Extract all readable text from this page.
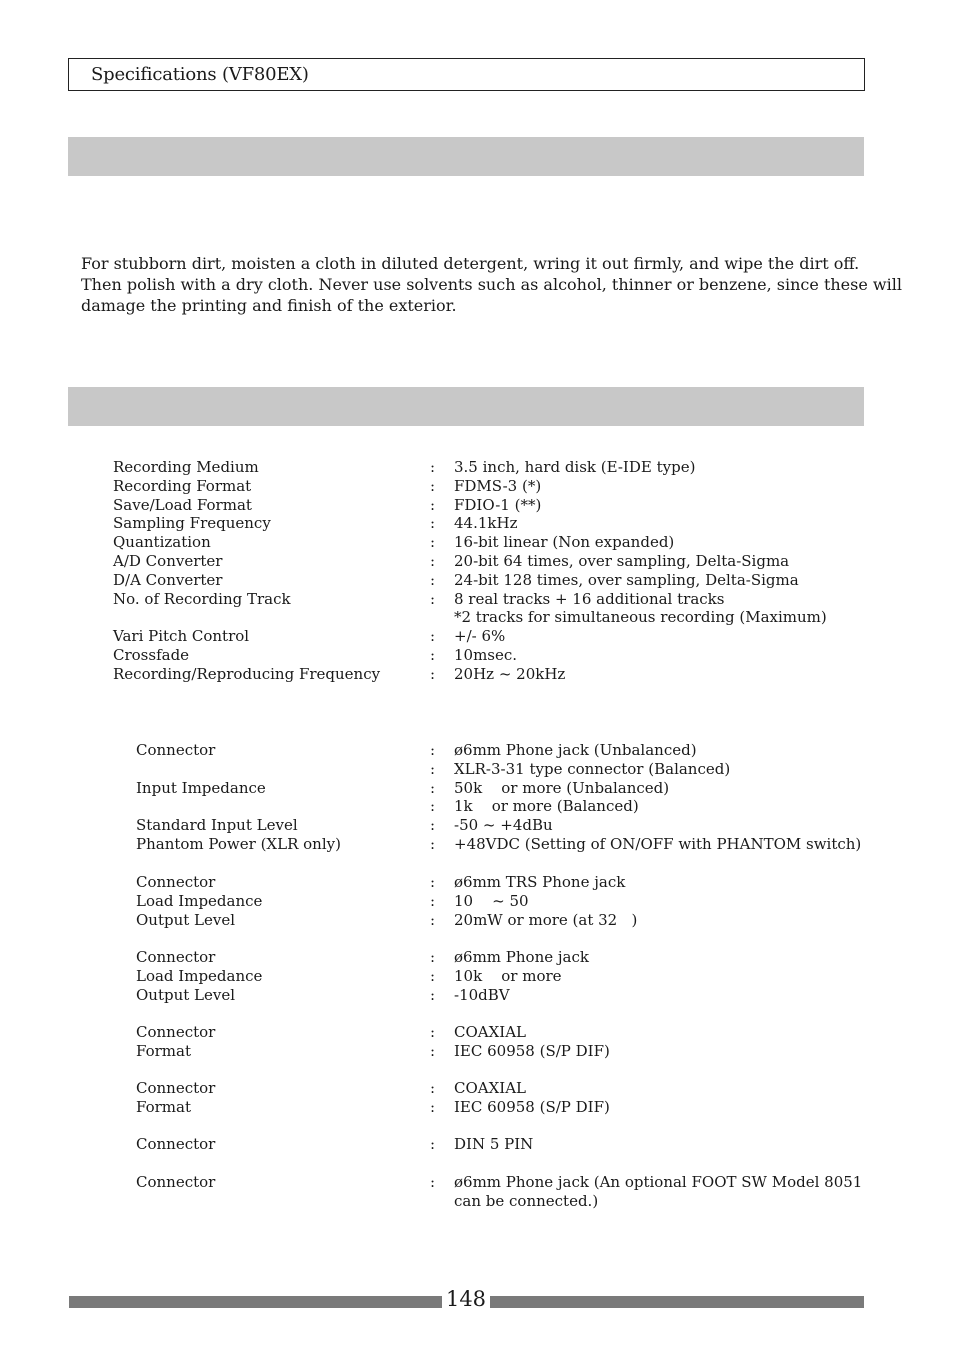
Specifications (VF80EX)
For stubborn dirt, moisten a cloth in diluted detergent, wring it out firmly, and wipe the dirt off.
Then polish with a dry cloth. Never use solvents such as alcohol, thinner or benzene, since these will
damage the printing and finish of the exterior.
Recording Medium	: 3.5 inch, hard disk (E-IDE type)
Recording Format	: FDMS-3 (*)
Save/Load Format	: FDIO-1 (**)
Sampling Frequency	: 44.1kHz
Quantization	: 16-bit linear (Non expanded)
A/D Converter	: 20-bit 64 times, over sampling, Delta-Sigma
D/A Converter	: 24-bit 128 times, over sampling, Delta-Sigma
No. of Recording Track	: 8 real tracks + 16 additional tracks
*2 tracks for simultaneous recording (Maximum)
Vari Pitch Control	: +/- 6%
Crossfade	: 10msec.
Recording/Reproducing Frequency	: 20Hz ~ 20kHz
Connector	: ø6mm Phone jack (Unbalanced)
: XLR-3-31 type connector (Balanced)
Input Impedance	: 50k    or more (Unbalanced)
: 1k    or more (Balanced)
Standard Input Level	: -50 ~ +4dBu
Phantom Power (XLR only)	: +48VDC (Setting of ON/OFF with PHANTOM switch)
Connector	: ø6mm TRS Phone jack
Load Impedance	: 10    ~ 50
Output Level	: 20mW or more (at 32   )
Connector	: ø6mm Phone jack
Load Impedance	: 10k    or more
Output Level	: -10dBV
Connector	: COAXIAL
Format	: IEC 60958 (S/P DIF)
Connector	: COAXIAL
Format	: IEC 60958 (S/P DIF)
Connector	: DIN 5 PIN
Connector	: ø6mm Phone jack (An optional FOOT SW Model 8051
can be connected.)
148
